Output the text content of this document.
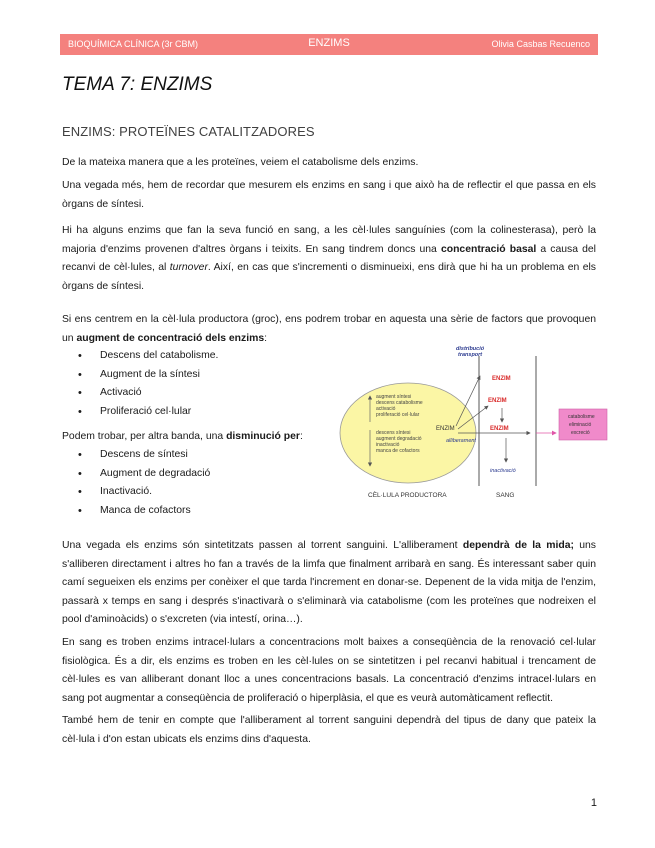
BIOQUÍMICA CLÍNICA (3r CBM)	ENZIMS	Olivia Casbas Recuenco
TEMA 7: ENZIMS
ENZIMS: PROTEÏNES CATALITZADORES

De la mateixa manera que a les proteïnes, veiem el catabolisme dels enzims.

Una vegada més, hem de recordar que mesurem els enzims en sang i que això ha de reflectir el que passa en els òrgans de síntesi.

Hi ha alguns enzims que fan la seva funció en sang, a les cèl·lules sanguínies (com la colinesterasa), però la majoria d'enzims provenen d'altres òrgans i teixits. En sang tindrem doncs una concentració basal a causa del recanvi de cèl·lules, al turnover. Així, en cas que s'incrementi o disminueixi, ens dirà que hi ha un problema en els òrgans de síntesi.

Si ens centrem en la cèl·lula productora (groc), ens podrem trobar en aquesta una sèrie de factors que provoquen un augment de concentració dels enzims:

• Descens del catabolisme.
• Augment de la síntesi
• Activació
• Proliferació cel·lular

Podem trobar, per altra banda, una disminució per:

• Descens de síntesi
• Augment de degradació
• Inactivació.
• Manca de cofactors
augment síntesi
descens catabolisme
activació
proliferació cel·lular
descens síntesi
augment degradació
inactivació
manca de cofactors
ENZIM
alliberament
distribució
transport
ENZIM
ENZIM
ENZIM
inactivació
catabolisme
eliminació
excreció
CÈL·LULA PRODUCTORA	SANG

Una vegada els enzims són sintetitzats passen al torrent sanguini. L'alliberament dependrà de la mida; uns s'alliberen directament i altres ho fan a través de la limfa que finalment arribarà en sang. És interessant saber quin camí segueixen els enzims per conèixer el que tarda l'increment en donar-se. Depenent de la vida mitja de l'enzim, passarà x temps en sang i després s'inactivarà o s'eliminarà via catabolisme (com les proteïnes que nodreixen el pool d'aminoàcids) o s'excreten (via intestí, orina…).

En sang es troben enzims intracel·lulars a concentracions molt baixes a conseqüència de la renovació cel·lular fisiològica. És a dir, els enzims es troben en les cèl·lules on se sintetitzen i pel recanvi habitual i trencament de cèl·lules es van alliberant donant lloc a unes concentracions basals. La concentració d'enzims intracel·lulars en sang pot augmentar a conseqüència de proliferació o hiperplàsia, el que es veurà automàticament reflectit.

També hem de tenir en compte que l'alliberament al torrent sanguini dependrà del tipus de dany que pateix la cèl·lula i d'on estan ubicats els enzims dins d'aquesta.

1
